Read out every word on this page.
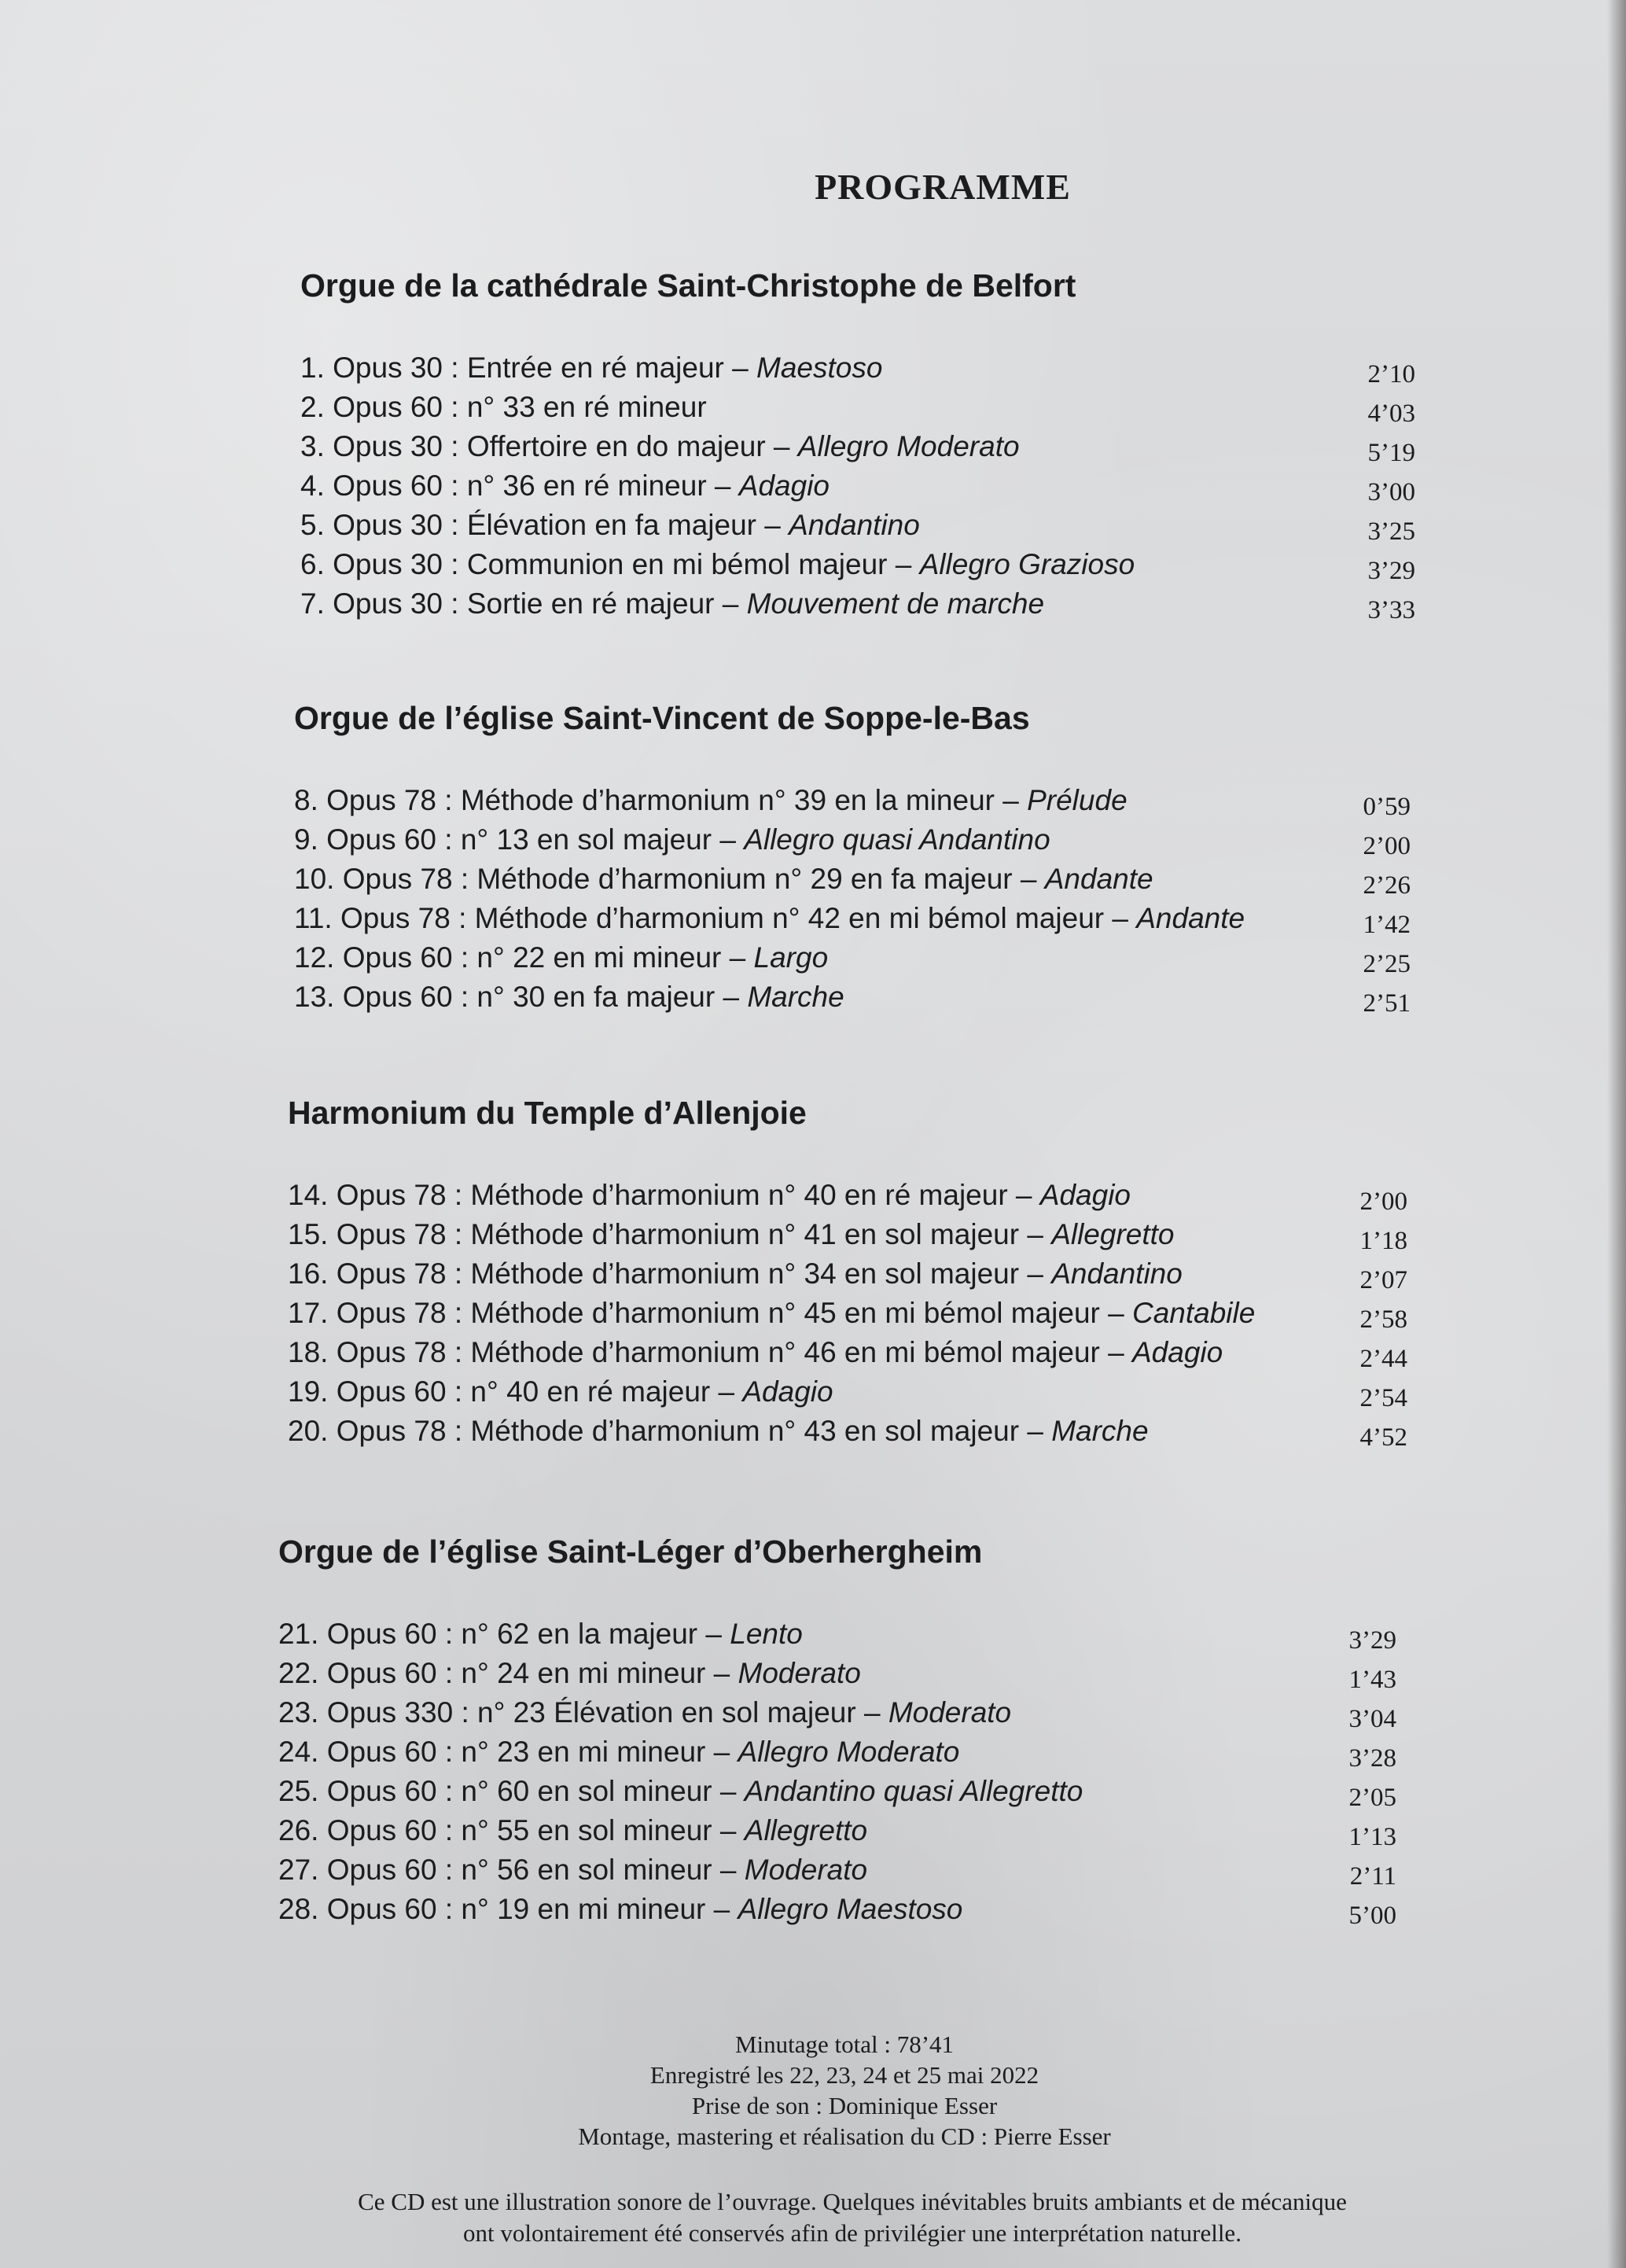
PROGRAMME
Orgue de la cathédrale Saint-Christophe de Belfort
1. Opus 30 : Entrée en ré majeur – Maestoso	2’10
2. Opus 60 : n° 33 en ré mineur	4’03
3. Opus 30 : Offertoire en do majeur – Allegro Moderato	5’19
4. Opus 60 : n° 36 en ré mineur – Adagio	3’00
5. Opus 30 : Élévation en fa majeur – Andantino	3’25
6. Opus 30 : Communion en mi bémol majeur – Allegro Grazioso	3’29
7. Opus 30 : Sortie en ré majeur – Mouvement de marche	3’33
Orgue de l’église Saint-Vincent de Soppe-le-Bas
8. Opus 78 : Méthode d’harmonium n° 39 en la mineur – Prélude	0’59
9. Opus 60 : n° 13 en sol majeur – Allegro quasi Andantino	2’00
10. Opus 78 : Méthode d’harmonium n° 29 en fa majeur – Andante	2’26
11. Opus 78 : Méthode d’harmonium n° 42 en mi bémol majeur – Andante	1’42
12. Opus 60 : n° 22 en mi mineur – Largo	2’25
13. Opus 60 : n° 30 en fa majeur – Marche	2’51
Harmonium du Temple d’Allenjoie
14. Opus 78 : Méthode d’harmonium n° 40 en ré majeur – Adagio	2’00
15. Opus 78 : Méthode d’harmonium n° 41 en sol majeur – Allegretto	1’18
16. Opus 78 : Méthode d’harmonium n° 34 en sol majeur – Andantino	2’07
17. Opus 78 : Méthode d’harmonium n° 45 en mi bémol majeur – Cantabile	2’58
18. Opus 78 : Méthode d’harmonium n° 46 en mi bémol majeur – Adagio	2’44
19. Opus 60 : n° 40 en ré majeur – Adagio	2’54
20. Opus 78 : Méthode d’harmonium n° 43 en sol majeur – Marche	4’52
Orgue de l’église Saint-Léger d’Oberhergheim
21. Opus 60 : n° 62 en la majeur – Lento	3’29
22. Opus 60 : n° 24 en mi mineur – Moderato	1’43
23. Opus 330 : n° 23 Élévation en sol majeur – Moderato	3’04
24. Opus 60 : n° 23 en mi mineur – Allegro Moderato	3’28
25. Opus 60 : n° 60 en sol mineur – Andantino quasi Allegretto	2’05
26. Opus 60 : n° 55 en sol mineur – Allegretto	1’13
27. Opus 60 : n° 56 en sol mineur – Moderato	2’11
28. Opus 60 : n° 19 en mi mineur – Allegro Maestoso	5’00
Minutage total : 78’41
Enregistré les 22, 23, 24 et 25 mai 2022
Prise de son : Dominique Esser
Montage, mastering et réalisation du CD : Pierre Esser
Ce CD est une illustration sonore de l’ouvrage. Quelques inévitables bruits ambiants et de mécanique
ont volontairement été conservés afin de privilégier une interprétation naturelle.
